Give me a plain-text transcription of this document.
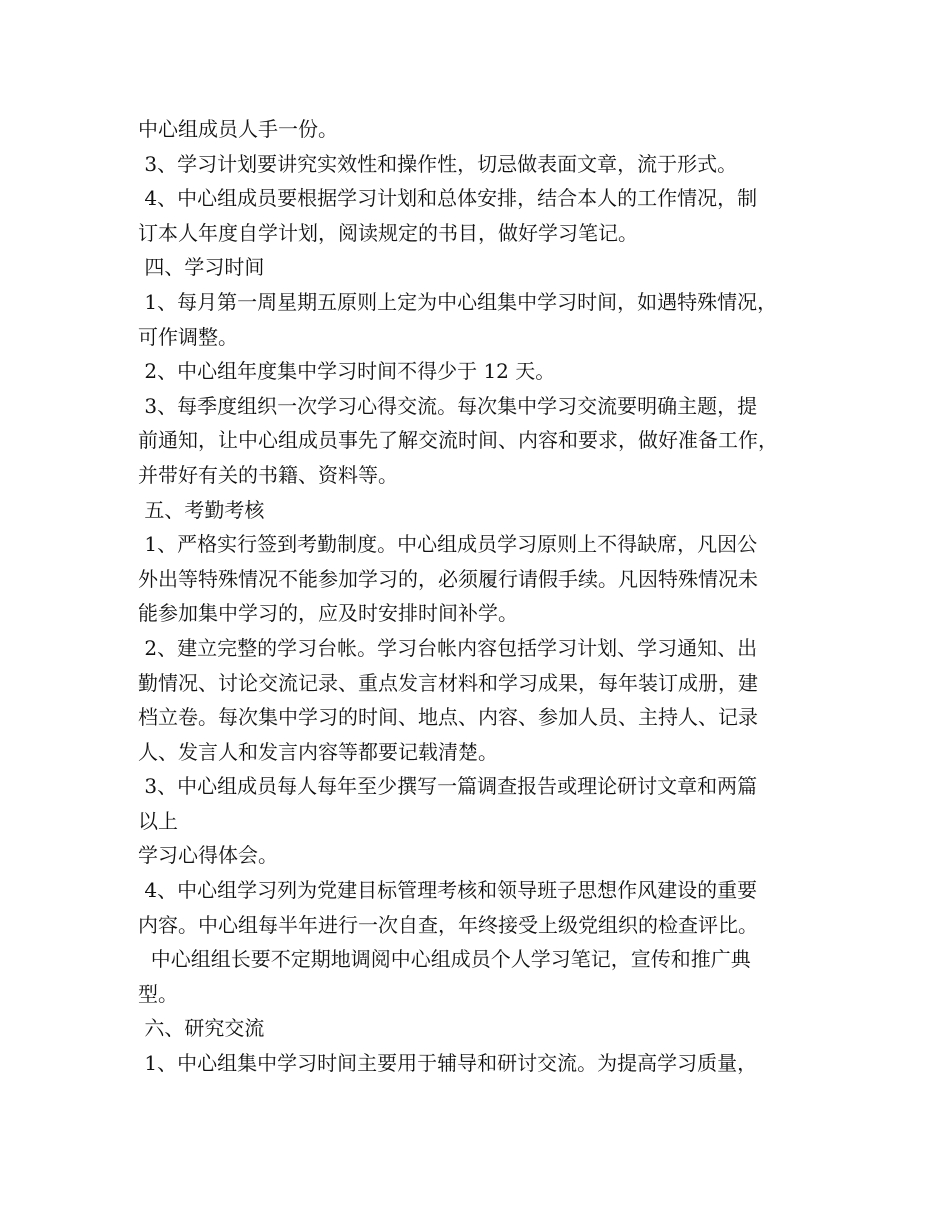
中心组成员人手一份。
3、学习计划要讲究实效性和操作性，切忌做表面文章，流于形式。
4、中心组成员要根据学习计划和总体安排，结合本人的工作情况，制
订本人年度自学计划，阅读规定的书目，做好学习笔记。
四、学习时间
1、每月第一周星期五原则上定为中心组集中学习时间，如遇特殊情况，
可作调整。
2、中心组年度集中学习时间不得少于 12 天。
3、每季度组织一次学习心得交流。每次集中学习交流要明确主题，提
前通知，让中心组成员事先了解交流时间、内容和要求，做好准备工作，
并带好有关的书籍、资料等。
五、考勤考核
1、严格实行签到考勤制度。中心组成员学习原则上不得缺席，凡因公
外出等特殊情况不能参加学习的，必须履行请假手续。凡因特殊情况未
能参加集中学习的，应及时安排时间补学。
2、建立完整的学习台帐。学习台帐内容包括学习计划、学习通知、出
勤情况、讨论交流记录、重点发言材料和学习成果，每年装订成册，建
档立卷。每次集中学习的时间、地点、内容、参加人员、主持人、记录
人、发言人和发言内容等都要记载清楚。
3、中心组成员每人每年至少撰写一篇调查报告或理论研讨文章和两篇
以上
学习心得体会。
4、中心组学习列为党建目标管理考核和领导班子思想作风建设的重要
内容。中心组每半年进行一次自查，年终接受上级党组织的检查评比。
中心组组长要不定期地调阅中心组成员个人学习笔记，宣传和推广典
型。
六、研究交流
1、中心组集中学习时间主要用于辅导和研讨交流。为提高学习质量，
